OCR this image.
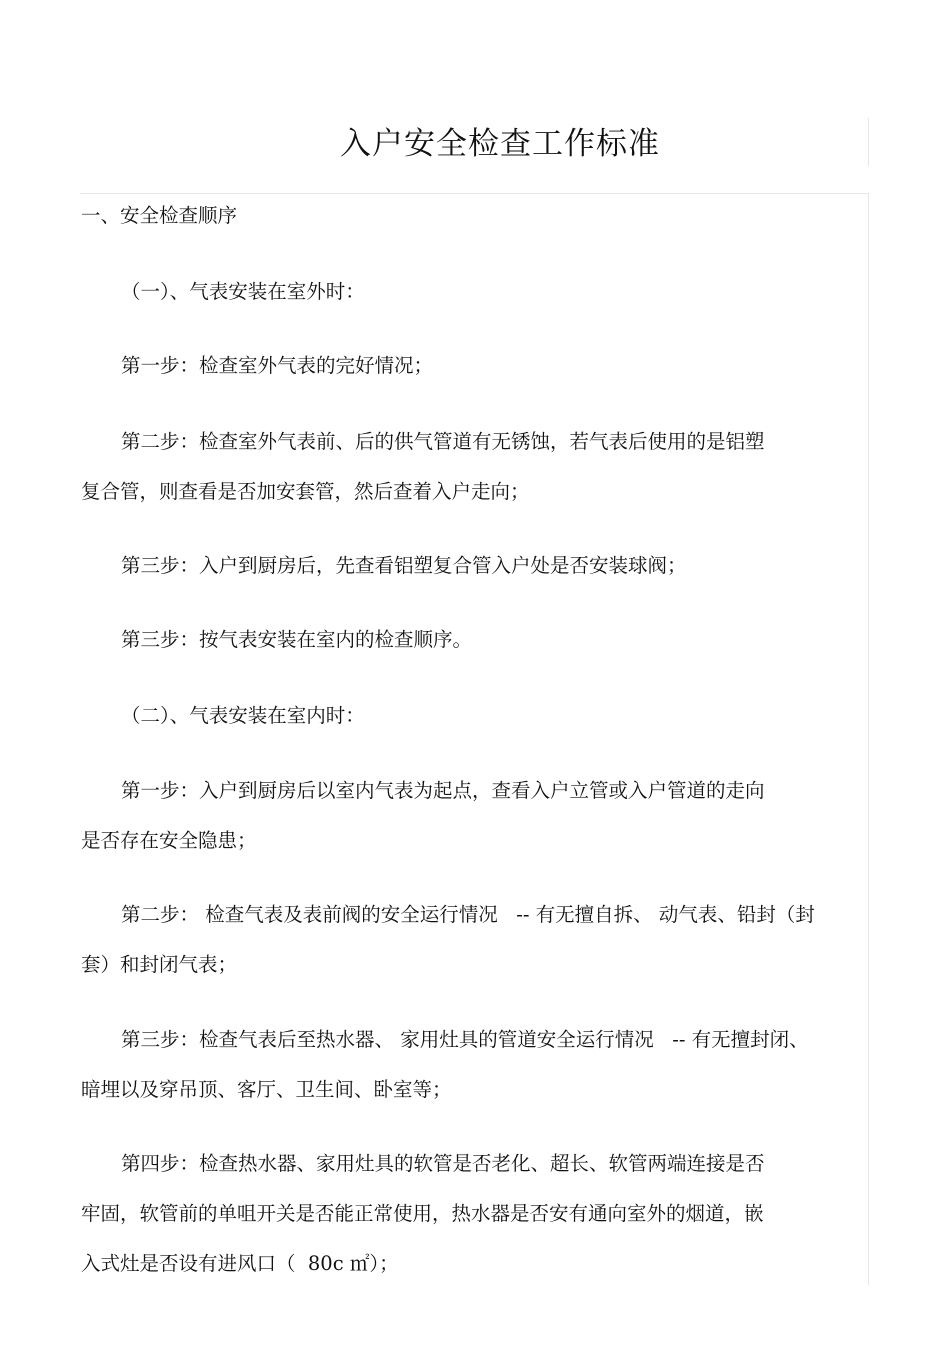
入户安全检查工作标准
一、安全检查顺序
（一）、气表安装在室外时：
第一步：检查室外气表的完好情况；
第二步：检查室外气表前、后的供气管道有无锈蚀，若气表后使用的是铝塑
复合管，则查看是否加安套管，然后查着入户走向；
第三步：入户到厨房后，先查看铝塑复合管入户处是否安装球阀；
第三步：按气表安装在室内的检查顺序。
（二）、气表安装在室内时：
第一步：入户到厨房后以室内气表为起点，查看入户立管或入户管道的走向
是否存在安全隐患；
第二步： 检查气表及表前阀的安全运行情况   -- 有无擅自拆、 动气表、铅封（封
套）和封闭气表；
第三步：检查气表后至热水器、 家用灶具的管道安全运行情况   -- 有无擅封闭、
暗埋以及穿吊顶、客厅、卫生间、卧室等；
第四步：检查热水器、家用灶具的软管是否老化、超长、软管两端连接是否
牢固，软管前的单咀开关是否能正常使用，热水器是否安有通向室外的烟道，嵌
入式灶是否设有进风口（  80c ㎡）；
